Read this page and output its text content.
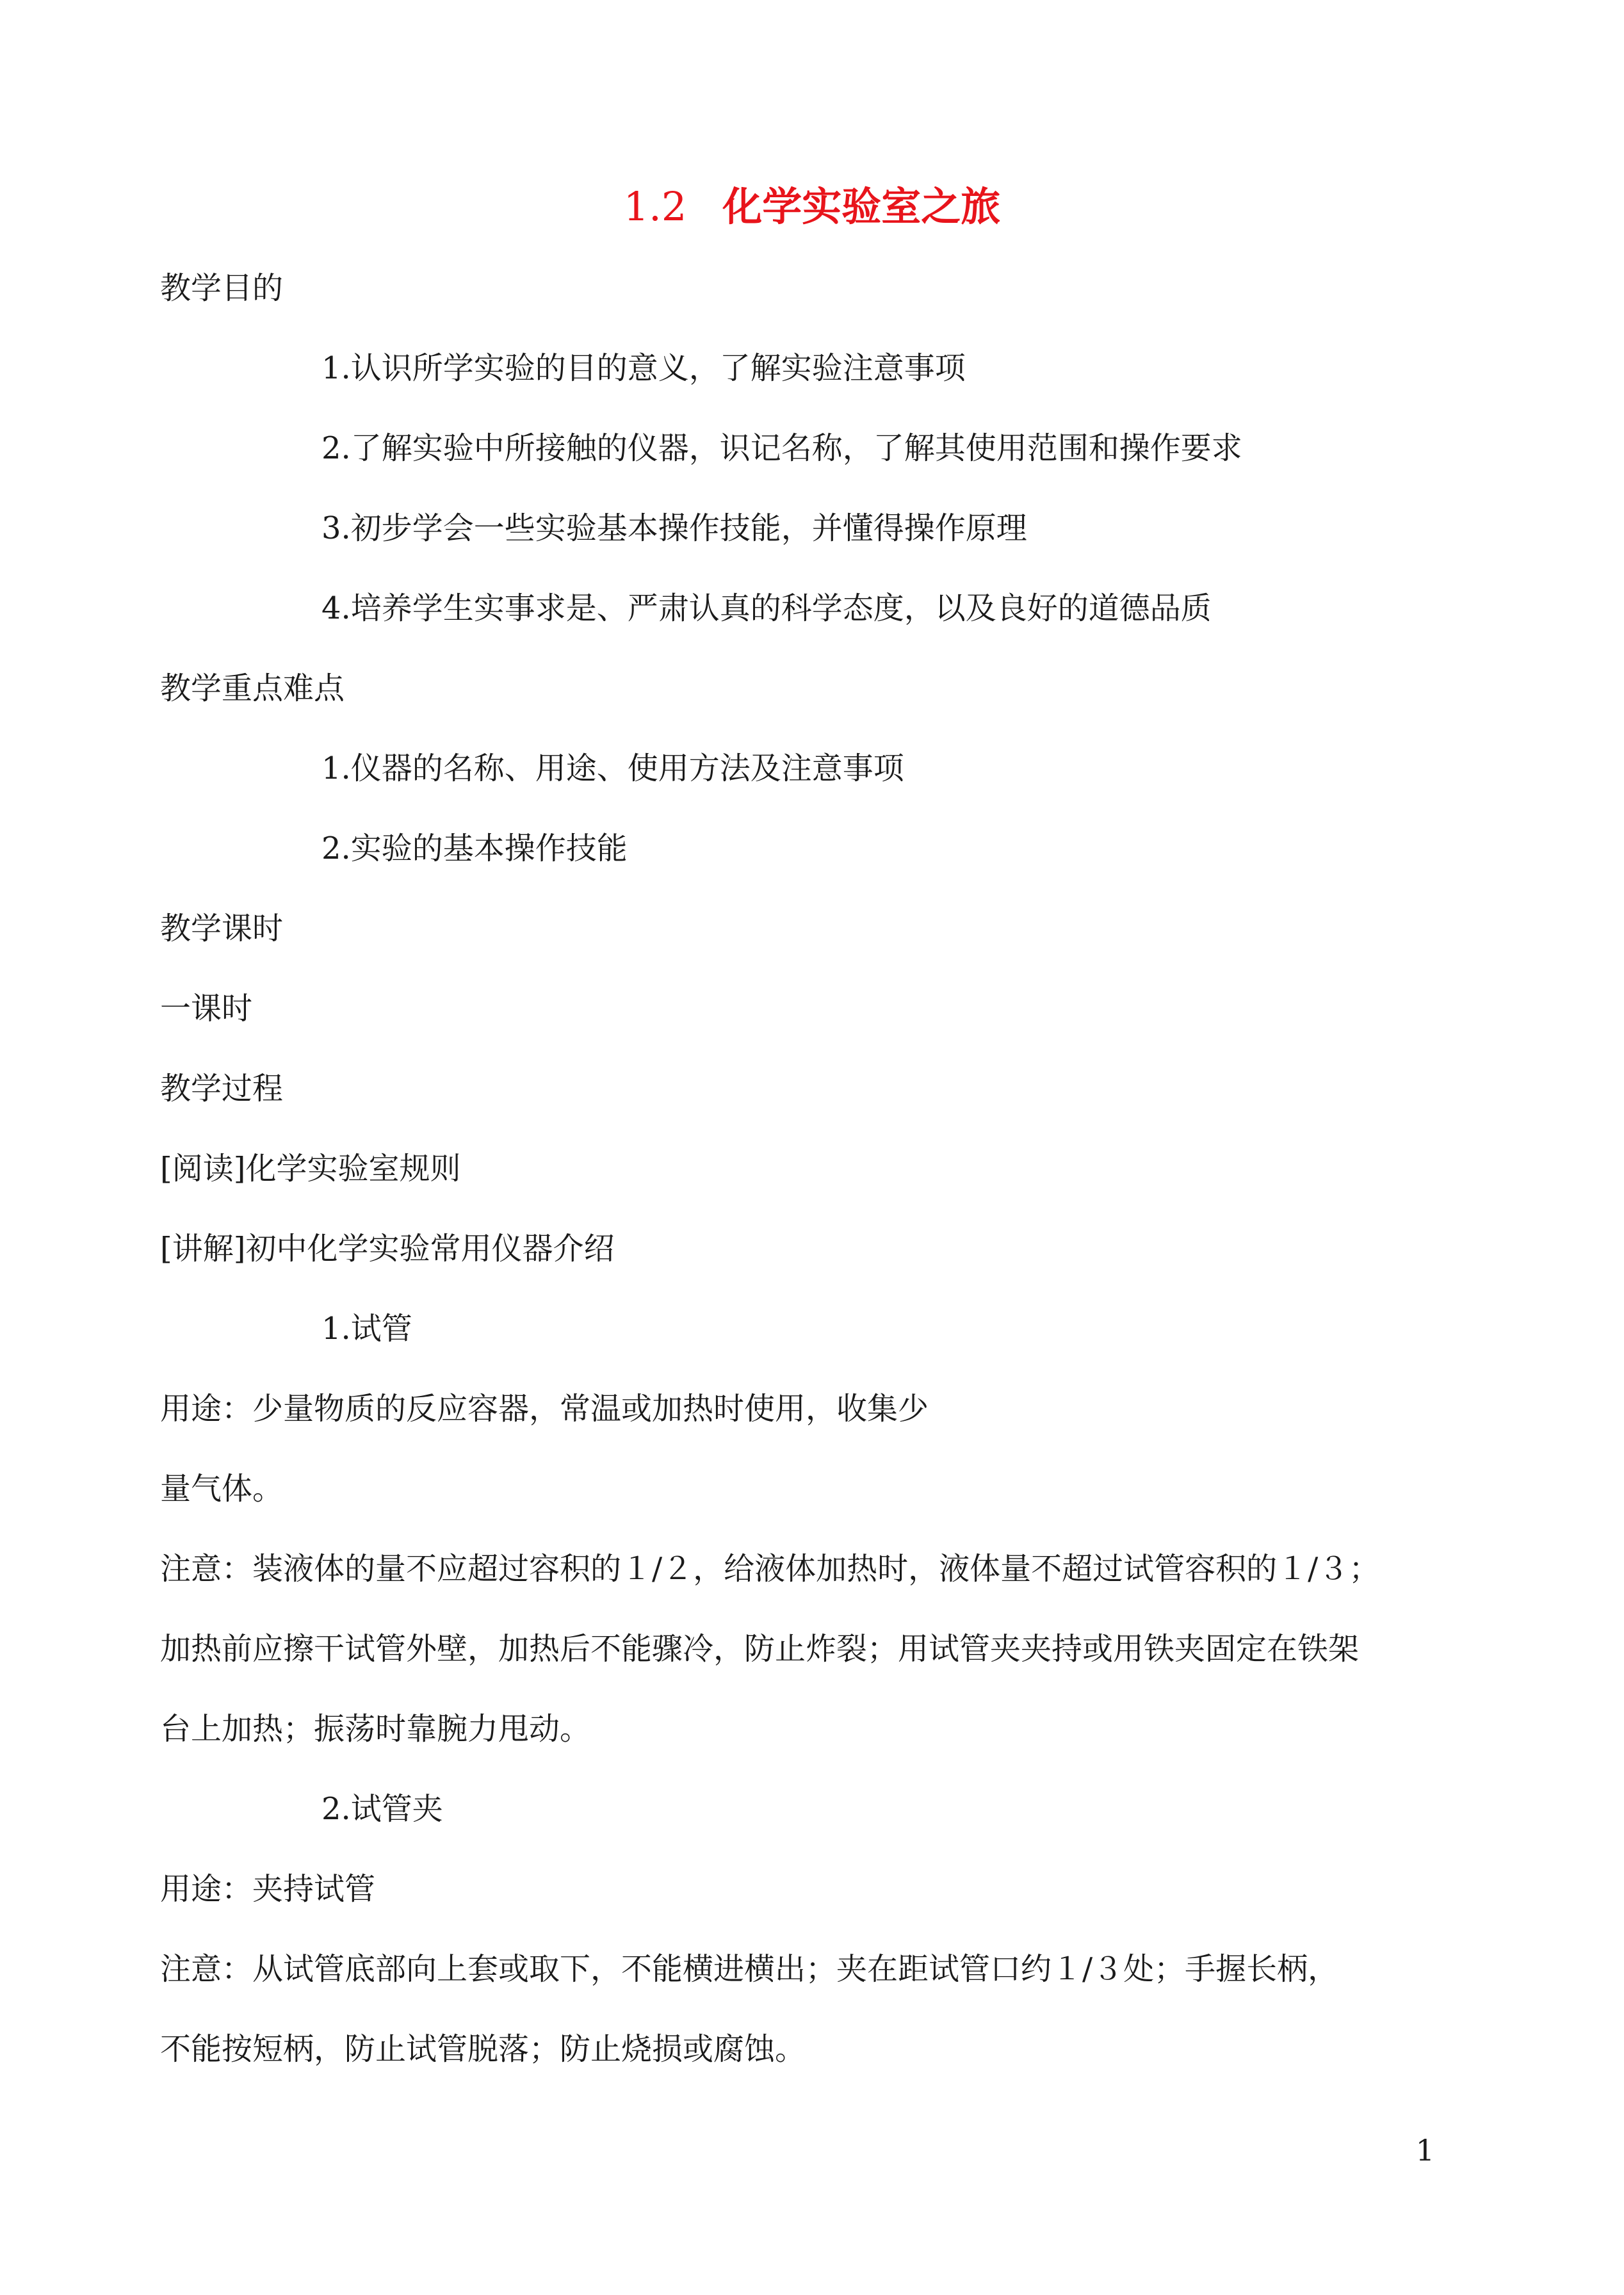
1.2 化学实验室之旅
教学目的
1.认识所学实验的目的意义，了解实验注意事项
2.了解实验中所接触的仪器，识记名称，了解其使用范围和操作要求
3.初步学会一些实验基本操作技能，并懂得操作原理
4.培养学生实事求是、严肃认真的科学态度，以及良好的道德品质
教学重点难点
1.仪器的名称、用途、使用方法及注意事项
2.实验的基本操作技能
教学课时
一课时
教学过程
[阅读]化学实验室规则
[讲解]初中化学实验常用仪器介绍
1.试管
用途：少量物质的反应容器，常温或加热时使用，收集少
量气体。
注意：装液体的量不应超过容积的１/２，给液体加热时，液体量不超过试管容积的１/３；
加热前应擦干试管外壁，加热后不能骤冷，防止炸裂；用试管夹夹持或用铁夹固定在铁架
台上加热；振荡时靠腕力甩动。
2.试管夹
用途：夹持试管
注意：从试管底部向上套或取下，不能横进横出；夹在距试管口约１/３处；手握长柄，
不能按短柄，防止试管脱落；防止烧损或腐蚀。
1
